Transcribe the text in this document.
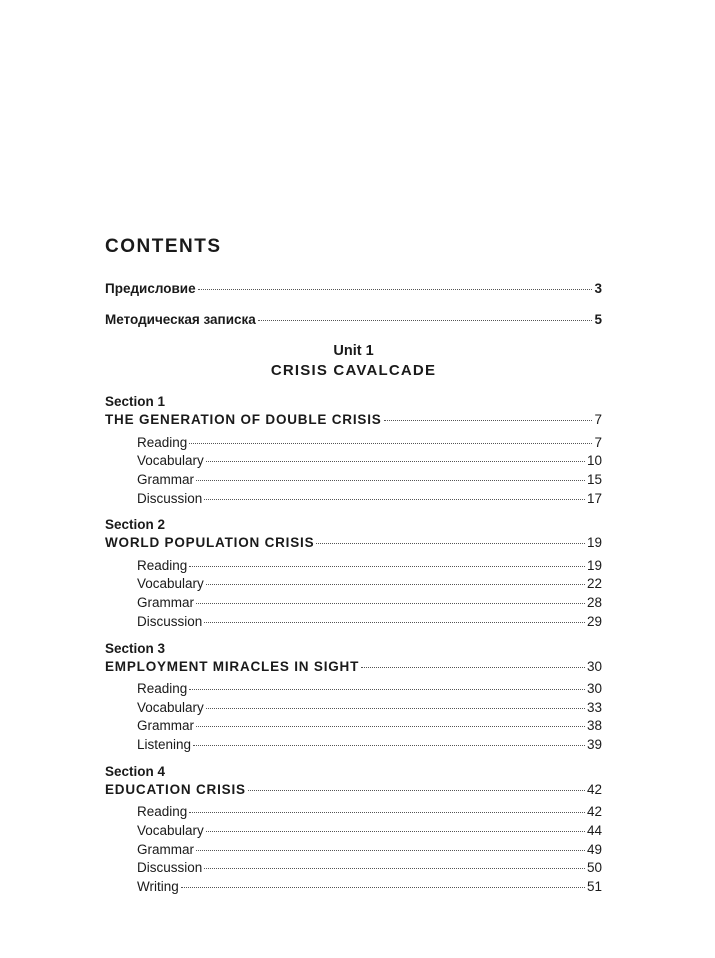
CONTENTS
Предисловие	3
Методическая записка	5
Unit 1
CRISIS CAVALCADE
Section 1
THE GENERATION OF DOUBLE CRISIS	7
Reading	7
Vocabulary	10
Grammar	15
Discussion	17
Section 2
WORLD POPULATION CRISIS	19
Reading	19
Vocabulary	22
Grammar	28
Discussion	29
Section 3
EMPLOYMENT MIRACLES IN SIGHT	30
Reading	30
Vocabulary	33
Grammar	38
Listening	39
Section 4
EDUCATION CRISIS	42
Reading	42
Vocabulary	44
Grammar	49
Discussion	50
Writing	51
